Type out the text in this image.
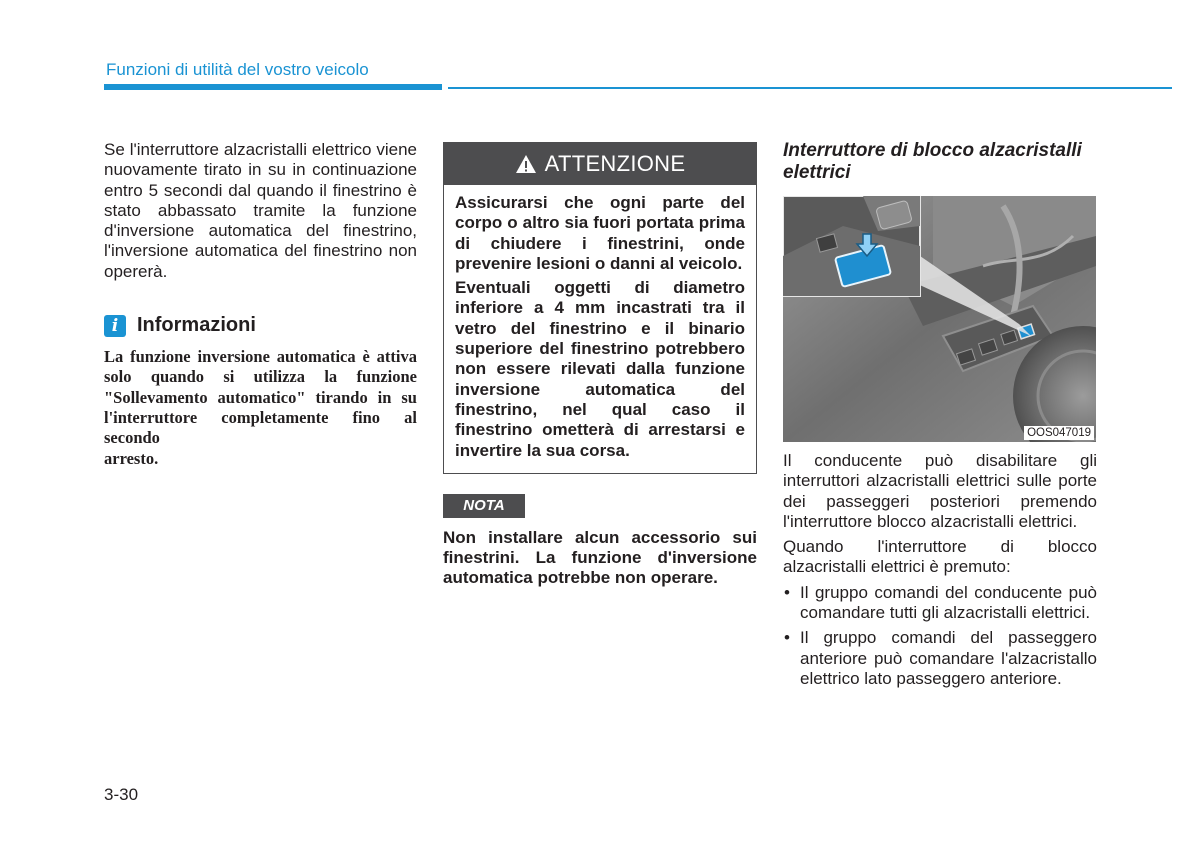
Funzioni di utilità del vostro veicolo

Se l'interruttore alzacristalli elettrico viene nuovamente tirato in su in continuazione entro 5 secondi dal quando il finestrino è stato abbassato tramite la funzione d'inversione automatica del finestrino, l'inversione automatica del finestrino non opererà.

i Informazioni
La funzione inversione automatica è attiva solo quando si utilizza la funzione "Sollevamento automatico" tirando in su l'interruttore completamente fino al secondo
arresto.
ATTENZIONE

Assicurarsi che ogni parte del corpo o altro sia fuori portata prima di chiudere i finestrini, onde prevenire lesioni o danni al veicolo.

Eventuali oggetti di diametro inferiore a 4 mm incastrati tra il vetro del finestrino e il binario superiore del finestrino potrebbero non essere rilevati dalla funzione inversione automatica del finestrino, nel qual caso il finestrino ometterà di arrestarsi e invertire la sua corsa.

NOTA

Non installare alcun accessorio sui finestrini. La funzione d'inversione automatica potrebbe non operare.

Interruttore di blocco alzacristalli elettrici
OOS047019

Il conducente può disabilitare gli interruttori alzacristalli elettrici sulle porte dei passeggeri posteriori premendo l'interruttore blocco alzacristalli elettrici.

Quando l'interruttore di blocco alzacristalli elettrici è premuto:

• Il gruppo comandi del conducente può comandare tutti gli alzacristalli elettrici.
• Il gruppo comandi del passeggero anteriore può comandare l'alzacristallo elettrico lato passeggero anteriore.
3-30
